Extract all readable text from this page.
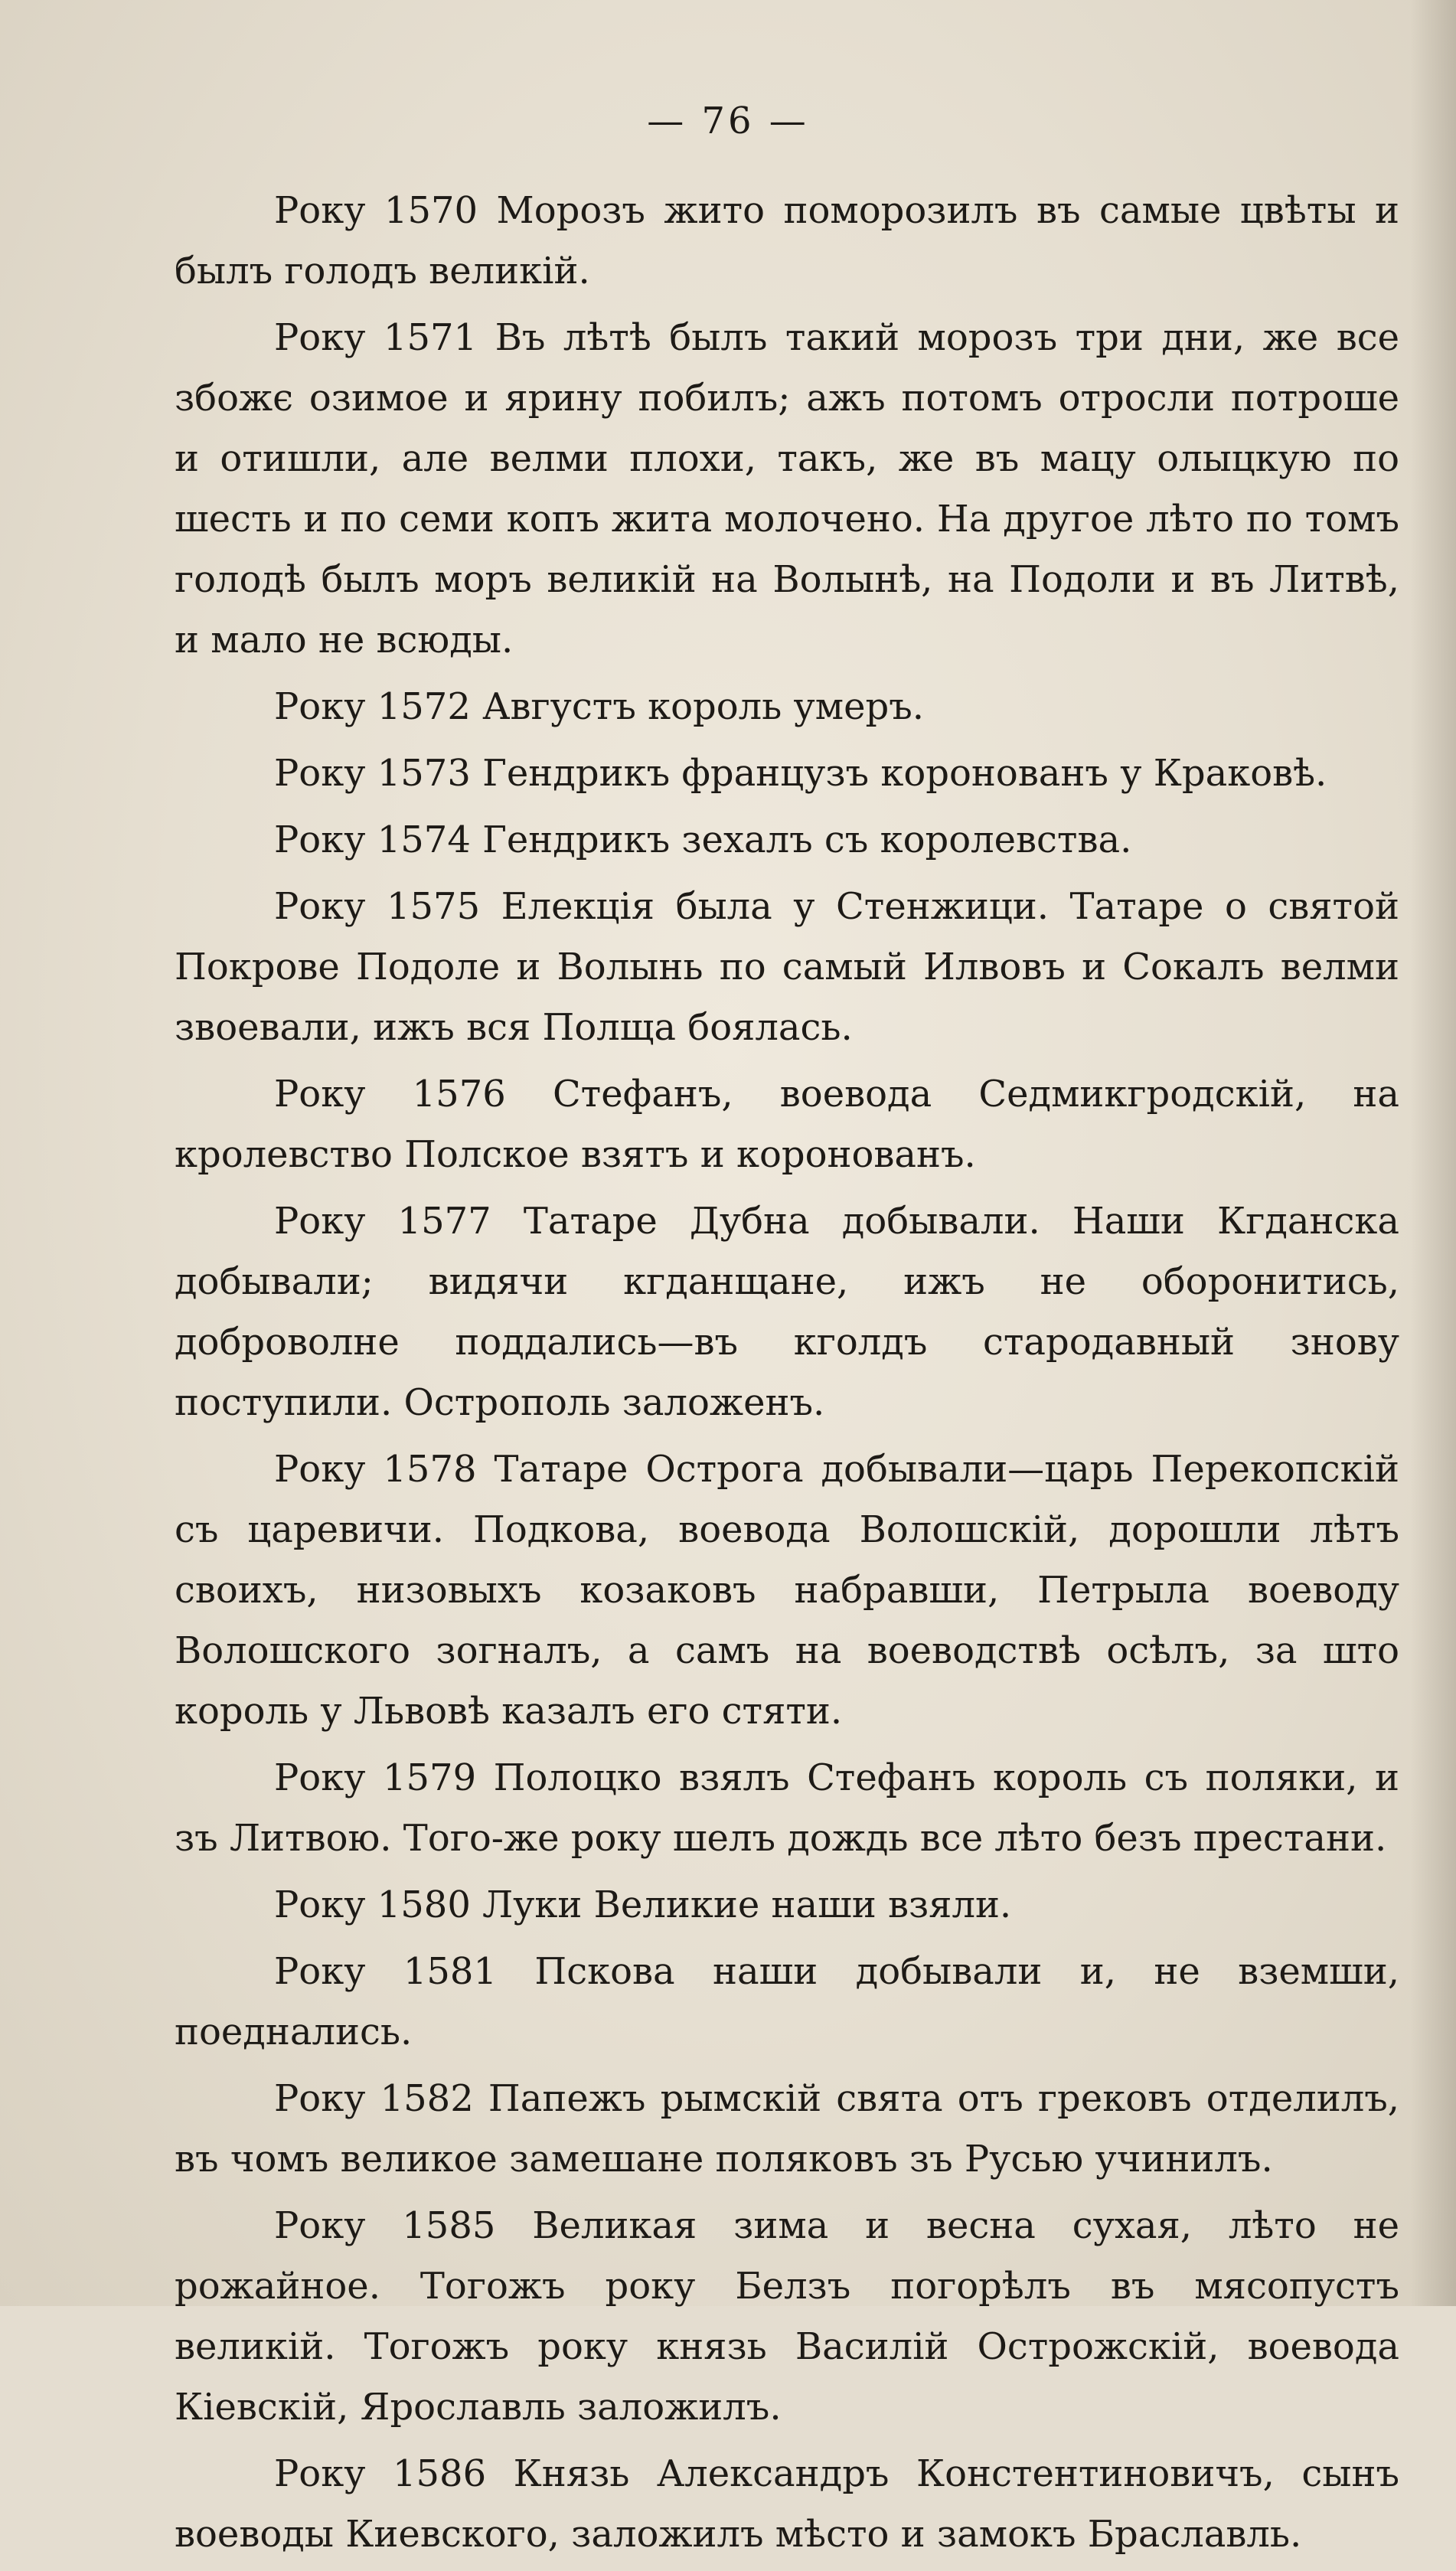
— 76 —

Року 1570 Морозъ жито поморозилъ въ самые цвѣты и былъ голодъ великій.

Року 1571 Въ лѣтѣ былъ такий морозъ три дни, же все збожє озимое и ярину побилъ; ажъ потомъ отросли потроше и отишли, але велми плохи, такъ, же въ мацу олыцкую по шесть и по семи копъ жита молочено. На другое лѣто по томъ голодѣ былъ моръ великій на Волынѣ, на Подоли и въ Литвѣ, и мало не всюды.

Року 1572 Августъ король умеръ.

Року 1573 Гендрикъ французъ коронованъ у Краковѣ.

Року 1574 Гендрикъ зехалъ съ королевства.

Року 1575 Елекція была у Стенжици. Татаре о святой Покрове Подоле и Волынь по самый Илвовъ и Сокалъ велми звоевали, ижъ вся Полща боялась.

Року 1576 Стефанъ, воевода Седмикгродскій, на кролевство Полское взятъ и коронованъ.

Року 1577 Татаре Дубна добывали. Наши Кгданска добывали; видячи кгданщане, ижъ не оборонитись, доброволне поддались—въ кголдъ стародавный знову поступили. Острополь заложенъ.

Року 1578 Татаре Острога добывали—царь Перекопскій съ царевичи. Подкова, воевода Волошскій, дорошли лѣтъ своихъ, низовыхъ козаковъ набравши, Петрыла воеводу Волошского зогналъ, а самъ на воеводствѣ осѣлъ, за што король у Львовѣ казалъ его стяти.

Року 1579 Полоцко взялъ Стефанъ король съ поляки, и зъ Литвою. Того-же року шелъ дождь все лѣто безъ престани.

Року 1580 Луки Великие наши взяли.

Року 1581 Пскова наши добывали и, не вземши, поеднались.

Року 1582 Папежъ рымскій свята отъ грековъ отделилъ, въ чомъ великое замешане поляковъ зъ Русью учинилъ.

Року 1585 Великая зима и весна сухая, лѣто не рожайное. Тогожъ року Белзъ погорѣлъ въ мясопустъ великій. Тогожъ року князь Василій Острожскій, воевода Кіевскій, Ярославль заложилъ.

Року 1586 Князь Александръ Констентиновичъ, сынъ воеводы Киевского, заложилъ мѣсто и замокъ Браславль.
